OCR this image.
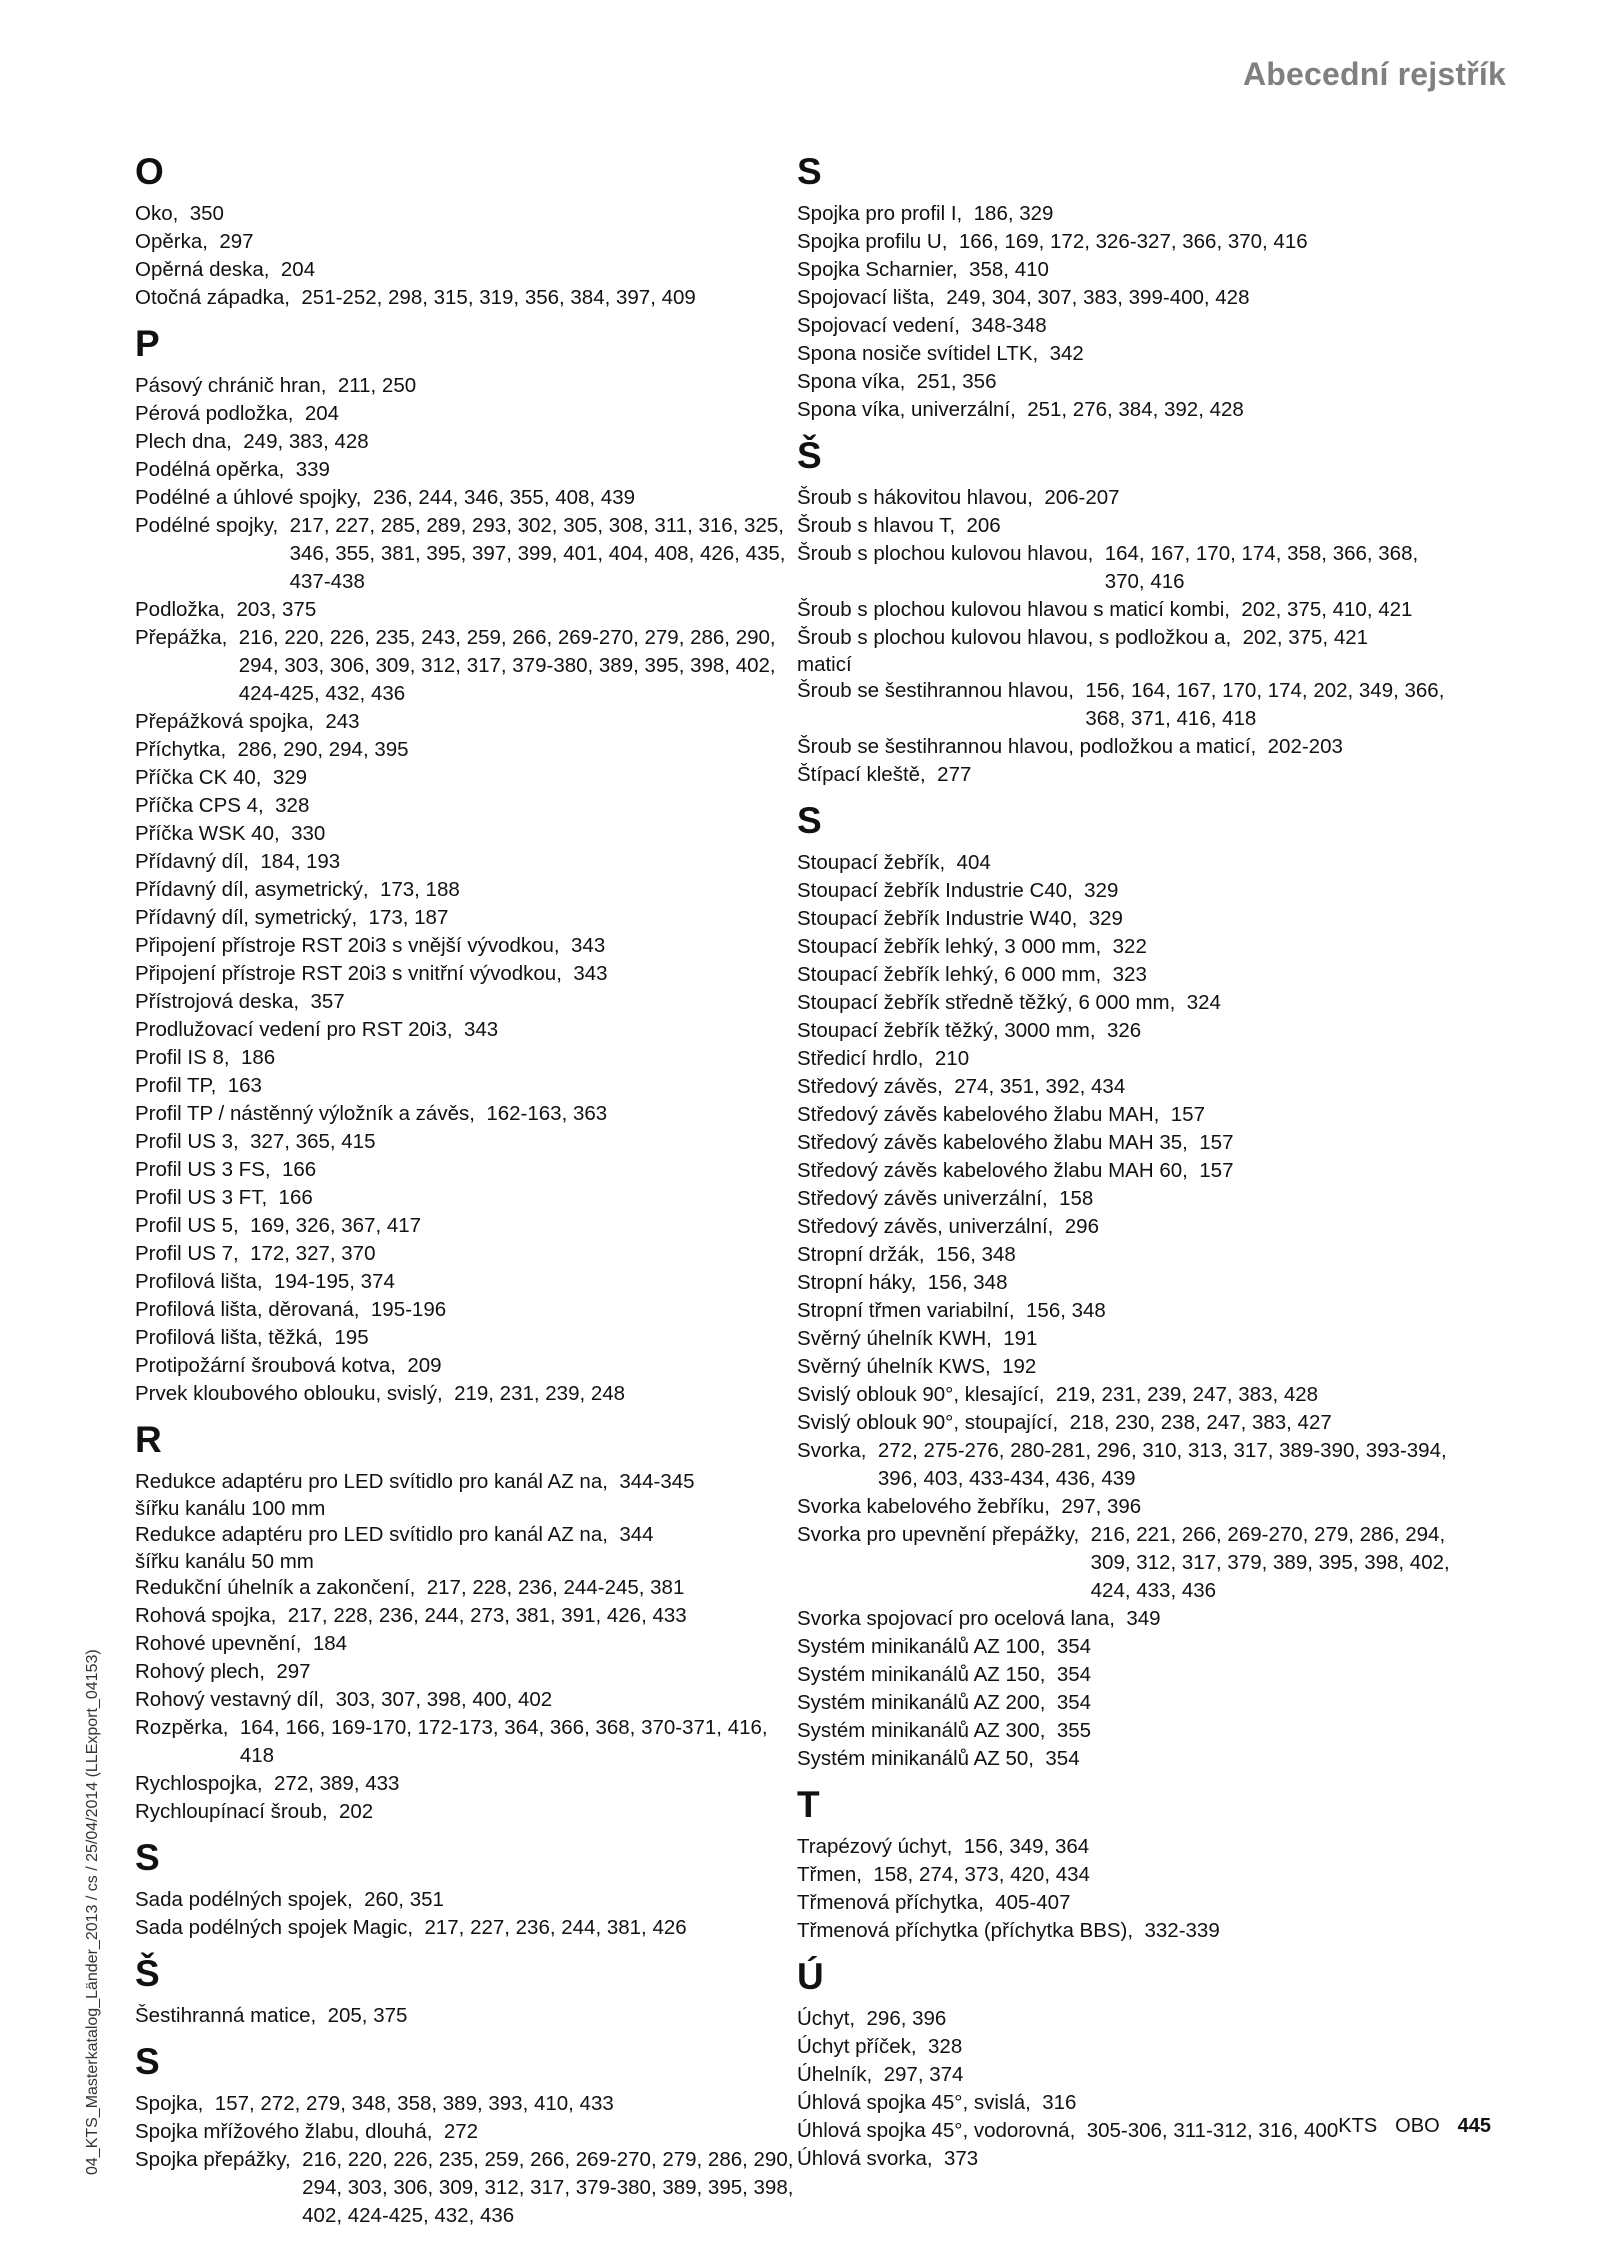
Abecední rejstřík
O
Oko,
350
Opěrka,
297
Opěrná deska,
204
Otočná západka,
251-252, 298, 315, 319, 356, 384, 397, 409
P
Pásový chránič hran,
211, 250
Pérová podložka,
204
Plech dna,
249, 383, 428
Podélná opěrka,
339
Podélné a úhlové spojky,
236, 244, 346, 355, 408, 439
Podélné spojky,
217, 227, 285, 289, 293, 302, 305, 308, 311, 316, 325, 346, 355, 381, 395, 397, 399, 401, 404, 408, 426, 435, 437-438
Podložka,
203, 375
Přepážka,
216, 220, 226, 235, 243, 259, 266, 269-270, 279, 286, 290, 294, 303, 306, 309, 312, 317, 379-380, 389, 395, 398, 402, 424-425, 432, 436
Přepážková spojka,
243
Příchytka,
286, 290, 294, 395
Příčka CK 40,
329
Příčka CPS 4,
328
Příčka WSK 40,
330
Přídavný díl,
184, 193
Přídavný díl, asymetrický,
173, 188
Přídavný díl, symetrický,
173, 187
Připojení přístroje RST 20i3 s vnější vývodkou,
343
Připojení přístroje RST 20i3 s vnitřní vývodkou,
343
Přístrojová deska,
357
Prodlužovací vedení pro RST 20i3,
343
Profil IS 8,
186
Profil TP,
163
Profil TP / nástěnný výložník a závěs,
162-163, 363
Profil US 3,
327, 365, 415
Profil US 3 FS,
166
Profil US 3 FT,
166
Profil US 5,
169, 326, 367, 417
Profil US 7,
172, 327, 370
Profilová lišta,
194-195, 374
Profilová lišta, děrovaná,
195-196
Profilová lišta, těžká,
195
Protipožární šroubová kotva,
209
Prvek kloubového oblouku, svislý,
219, 231, 239, 248
R
Redukce adaptéru pro LED svítidlo pro kanál AZ na, 344-345
šířku kanálu 100 mm
Redukce adaptéru pro LED svítidlo pro kanál AZ na, 344
šířku kanálu 50 mm
Redukční úhelník a zakončení,
217, 228, 236, 244-245, 381
Rohová spojka,
217, 228, 236, 244, 273, 381, 391, 426, 433
Rohové upevnění,
184
Rohový plech,
297
Rohový vestavný díl,
303, 307, 398, 400, 402
Rozpěrka,
164, 166, 169-170, 172-173, 364, 366, 368, 370-371, 416, 418
Rychlospojka,
272, 389, 433
Rychloupínací šroub,
202
S
Sada podélných spojek,
260, 351
Sada podélných spojek Magic,
217, 227, 236, 244, 381, 426
Š
Šestihranná matice,
205, 375
S
Spojka,
157, 272, 279, 348, 358, 389, 393, 410, 433
Spojka mřížového žlabu, dlouhá,
272
Spojka přepážky,
216, 220, 226, 235, 259, 266, 269-270, 279, 286, 290, 294, 303, 306, 309, 312, 317, 379-380, 389, 395, 398, 402, 424-425, 432, 436
S
Spojka pro profil I,
186, 329
Spojka profilu U,
166, 169, 172, 326-327, 366, 370, 416
Spojka Scharnier,
358, 410
Spojovací lišta,
249, 304, 307, 383, 399-400, 428
Spojovací vedení,
348-348
Spona nosiče svítidel LTK,
342
Spona víka,
251, 356
Spona víka, univerzální,
251, 276, 384, 392, 428
Š
Šroub s hákovitou hlavou,
206-207
Šroub s hlavou T,
206
Šroub s plochou kulovou hlavou,
164, 167, 170, 174, 358, 366, 368, 370, 416
Šroub s plochou kulovou hlavou s maticí kombi,
202, 375, 410, 421
Šroub s plochou kulovou hlavou, s podložkou a, 202, 375, 421
maticí
Šroub se šestihrannou hlavou,
156, 164, 167, 170, 174, 202, 349, 366, 368, 371, 416, 418
Šroub se šestihrannou hlavou, podložkou a maticí,
202-203
Štípací kleště,
277
S
Stoupací žebřík,
404
Stoupací žebřík Industrie C40,
329
Stoupací žebřík Industrie W40,
329
Stoupací žebřík lehký, 3 000 mm,
322
Stoupací žebřík lehký, 6 000 mm,
323
Stoupací žebřík středně těžký, 6 000 mm,
324
Stoupací žebřík těžký, 3000 mm,
326
Středicí hrdlo,
210
Středový závěs,
274, 351, 392, 434
Středový závěs kabelového žlabu MAH,
157
Středový závěs kabelového žlabu MAH 35,
157
Středový závěs kabelového žlabu MAH 60,
157
Středový závěs univerzální,
158
Středový závěs, univerzální,
296
Stropní držák,
156, 348
Stropní háky,
156, 348
Stropní třmen variabilní,
156, 348
Svěrný úhelník KWH,
191
Svěrný úhelník KWS,
192
Svislý oblouk 90°, klesající,
219, 231, 239, 247, 383, 428
Svislý oblouk 90°, stoupající,
218, 230, 238, 247, 383, 427
Svorka,
272, 275-276, 280-281, 296, 310, 313, 317, 389-390, 393-394, 396, 403, 433-434, 436, 439
Svorka kabelového žebříku,
297, 396
Svorka pro upevnění přepážky,
216, 221, 266, 269-270, 279, 286, 294, 309, 312, 317, 379, 389, 395, 398, 402, 424, 433, 436
Svorka spojovací pro ocelová lana,
349
Systém minikanálů AZ 100,
354
Systém minikanálů AZ 150,
354
Systém minikanálů AZ 200,
354
Systém minikanálů AZ 300,
355
Systém minikanálů AZ 50,
354
T
Trapézový úchyt,
156, 349, 364
Třmen,
158, 274, 373, 420, 434
Třmenová příchytka,
405-407
Třmenová příchytka (příchytka BBS),
332-339
Ú
Úchyt,
296, 396
Úchyt příček,
328
Úhelník,
297, 374
Úhlová spojka 45°, svislá,
316
Úhlová spojka 45°, vodorovná,
305-306, 311-312, 316, 400
Úhlová svorka,
373
04_KTS_Masterkatalog_Länder_2013 / cs / 25/04/2014 (LLExport_04153)	KTS OBO 445
